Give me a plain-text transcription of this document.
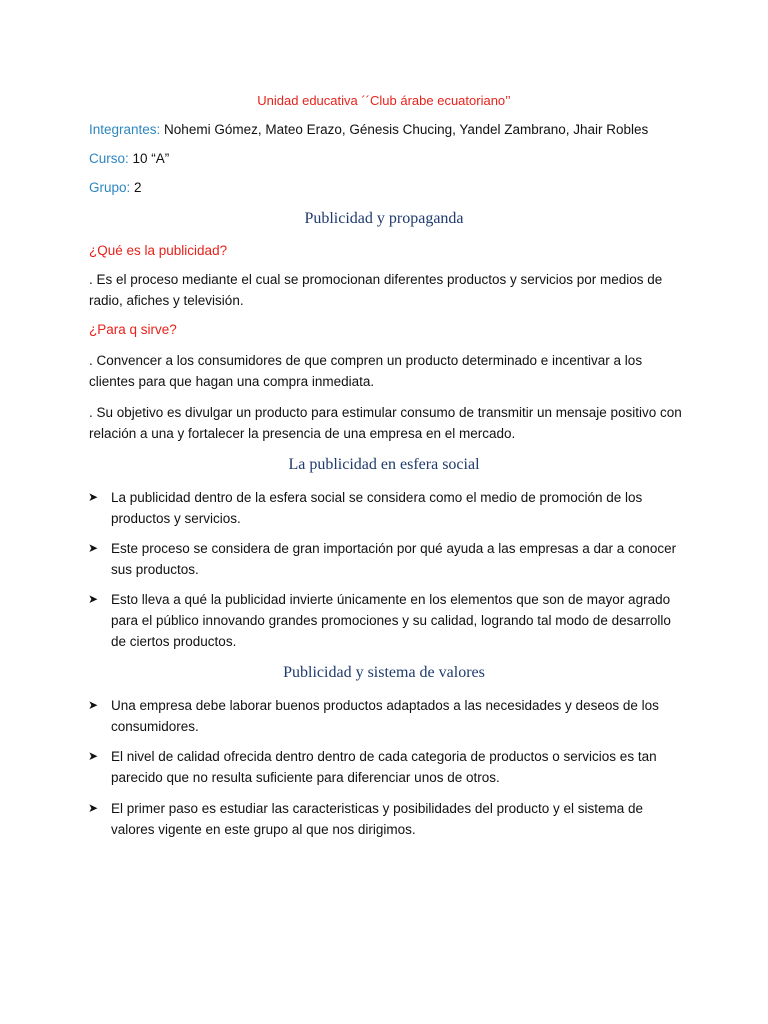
Unidad educativa ´´Club árabe ecuatoriano’’
Integrantes: Nohemi Gómez, Mateo Erazo, Génesis Chucing, Yandel Zambrano, Jhair Robles
Curso: 10 “A”
Grupo: 2
Publicidad y propaganda
¿Qué es la publicidad?
. Es el proceso mediante el cual se promocionan diferentes productos y servicios por medios de radio, afiches y televisión.
¿Para q sirve?
. Convencer a los consumidores de que compren un producto determinado e incentivar a los clientes para que hagan una compra inmediata.
. Su objetivo es divulgar un producto para estimular consumo de transmitir un mensaje positivo con relación a una y fortalecer la presencia de una empresa en el mercado.
La publicidad en esfera social
➤ La publicidad dentro de la esfera social se considera como el medio de promoción de los productos y servicios.
➤ Este proceso se considera de gran importación por qué ayuda a las empresas a dar a conocer sus productos.
➤ Esto lleva a qué la publicidad invierte únicamente en los elementos que son de mayor agrado para el público innovando grandes promociones y su calidad, logrando tal modo de desarrollo de ciertos productos.
Publicidad y sistema de valores
➤ Una empresa debe laborar buenos productos adaptados a las necesidades y deseos de los consumidores.
➤ El nivel de calidad ofrecida dentro dentro de cada categoria de productos o servicios es tan parecido que no resulta suficiente para diferenciar unos de otros.
➤ El primer paso es estudiar las caracteristicas y posibilidades del producto y el sistema de valores vigente en este grupo al que nos dirigimos.
